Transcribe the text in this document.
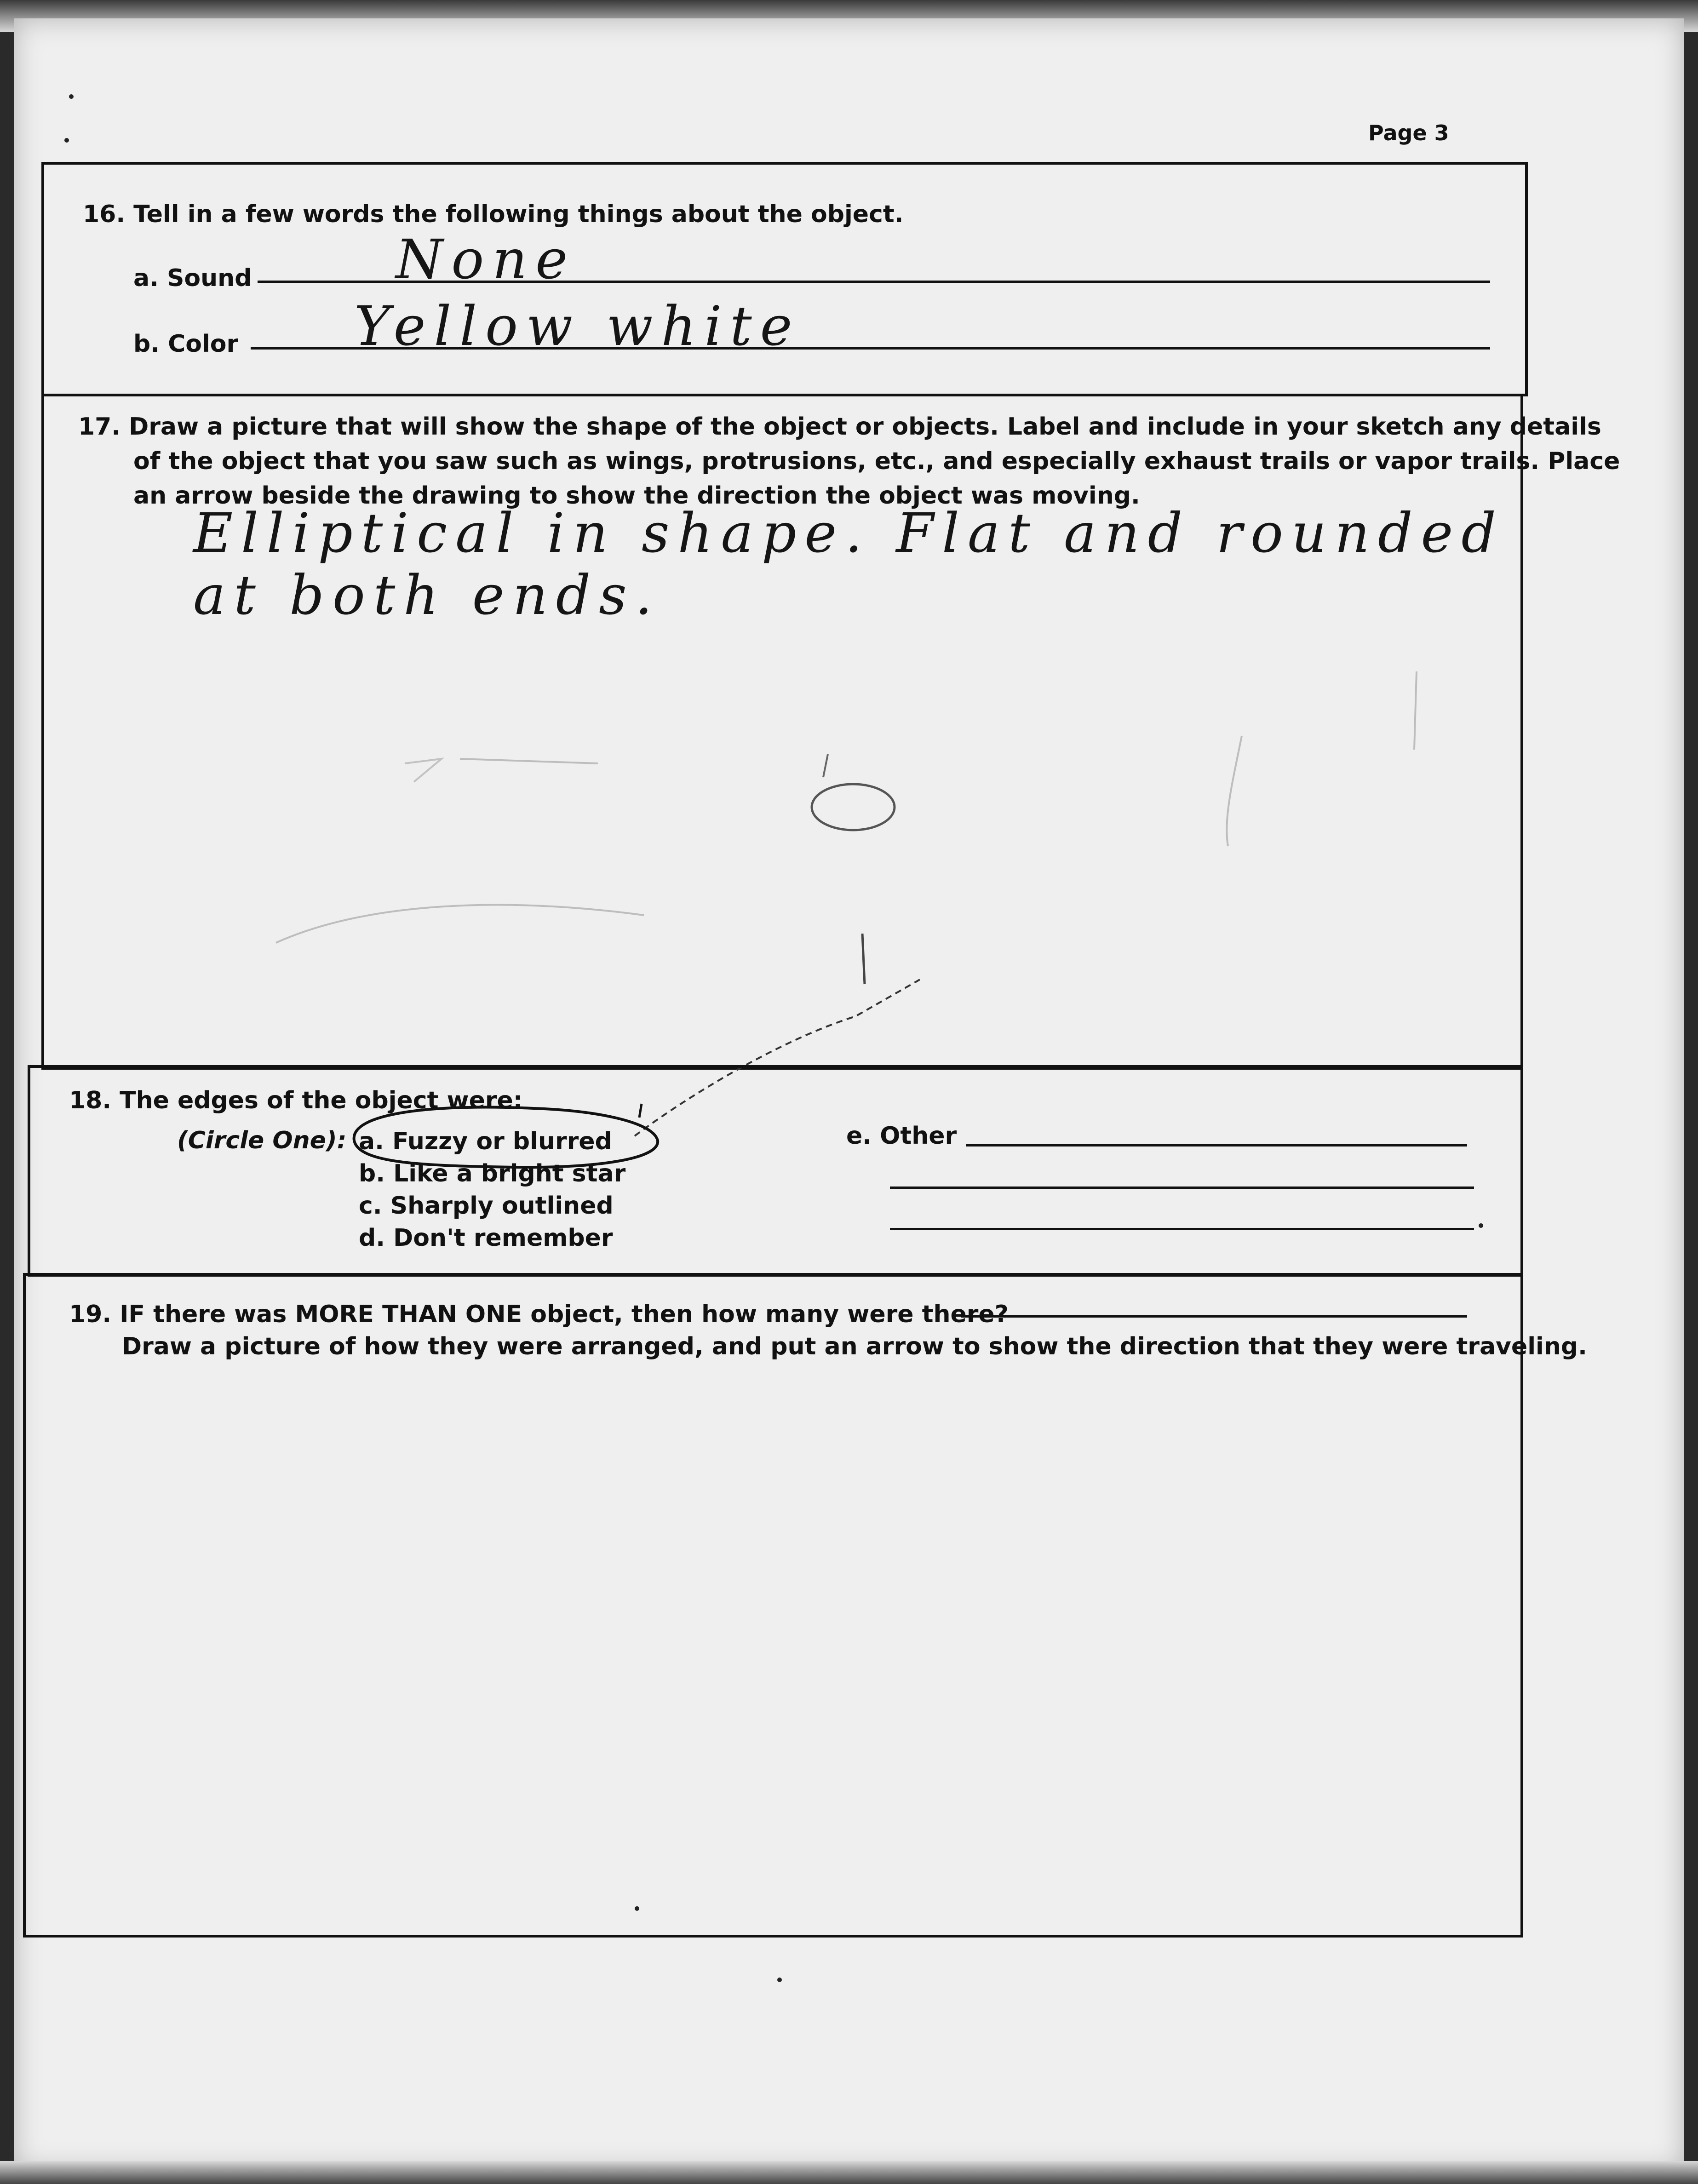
Page 3
16. Tell in a few words the following things about the object.
a. Sound	None
b. Color Yellow white
17. Draw a picture that will show the shape of the object or objects. Label and include in your sketch any details
of the object that you saw such as wings, protrusions, etc., and especially exhaust trails or vapor trails. Place
an arrow beside the drawing to show the direction the object was moving.
Elliptical in shape. Flat and rounded
at both ends.
18. The edges of the object were:
(Circle One): a. Fuzzy or blurred
b. Like a bright star
c. Sharply outlined
d. Don't remember
e. Other
19. IF there was MORE THAN ONE object, then how many were there?
Draw a picture of how they were arranged, and put an arrow to show the direction that they were traveling.
